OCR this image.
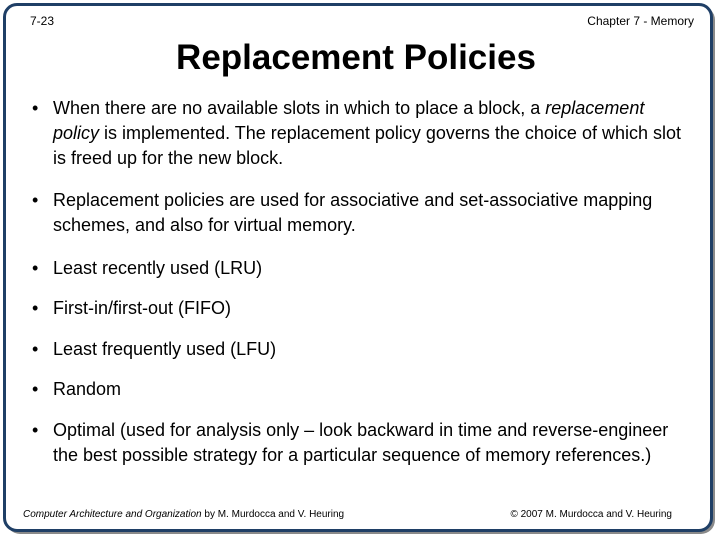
7-23	Chapter 7 - Memory
Replacement Policies
• When there are no available slots in which to place a block, a replacement policy is implemented. The replacement policy governs the choice of which slot is freed up for the new block.
• Replacement policies are used for associative and set-associative mapping schemes, and also for virtual memory.
• Least recently used (LRU)
• First-in/first-out (FIFO)
• Least frequently used (LFU)
• Random
• Optimal (used for analysis only – look backward in time and reverse-engineer the best possible strategy for a particular sequence of memory references.)
Computer Architecture and Organization by M. Murdocca and V. Heuring	© 2007 M. Murdocca and V. Heuring
